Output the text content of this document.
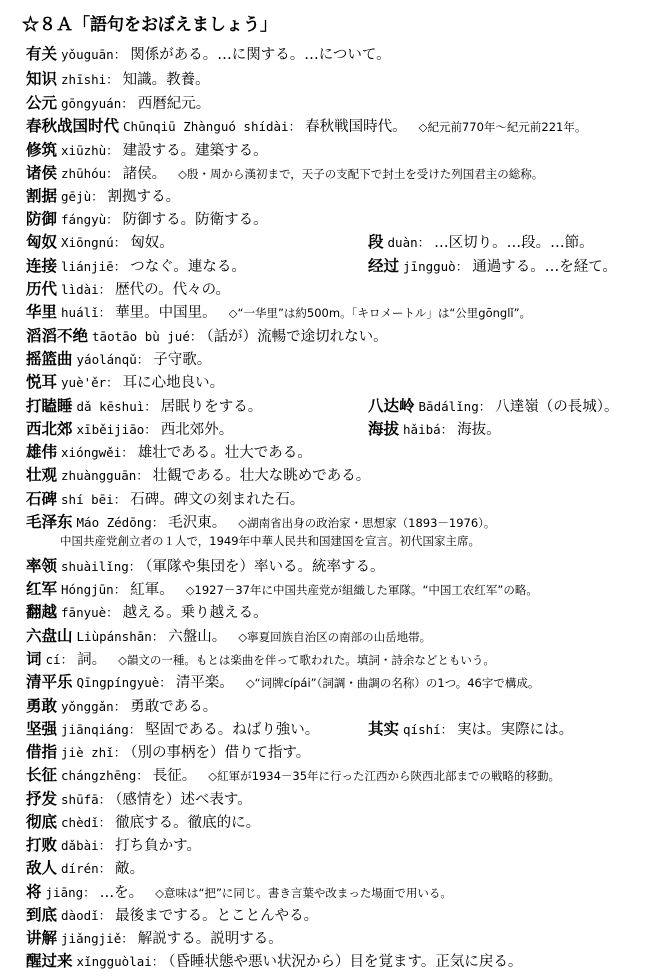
☆８Ａ「語句をおぼえましょう」
有关 yǒuguān： 関係がある。…に関する。…について。
知识 zhīshi： 知識。教養。
公元 gōngyuán： 西暦紀元。
春秋战国时代 Chūnqiū Zhànguó shídài： 春秋戦国時代。 ◇紀元前770年～紀元前221年。
修筑 xiūzhù： 建設する。建築する。
诸侯 zhūhóu： 諸侯。 ◇殷・周から漢初まで，天子の支配下で封土を受けた列国君主の総称。
割据 gējù： 割拠する。
防御 fángyù： 防御する。防衛する。
匈奴 Xiōngnú： 匈奴。
连接 liánjiē： つなぐ。連なる。
历代 lìdài： 歴代の。代々の。
华里 huálǐ： 華里。中国里。 ◇“一华里”は約500m。「キロメートル」は“公里gōnglǐ”。
滔滔不绝 tāotāo bù jué： （話が）流暢で途切れない。
摇篮曲 yáolánqǔ： 子守歌。
悦耳 yuè'ěr： 耳に心地良い。
打瞌睡 dǎ kēshuì： 居眠りをする。
西北郊 xīběijiāo： 西北郊外。
雄伟 xióngwěi： 雄壮である。壮大である。
壮观 zhuàngguān： 壮観である。壮大な眺めである。
石碑 shí bēi： 石碑。碑文の刻まれた石。
毛泽东 Máo Zédōng： 毛沢東。 ◇湖南省出身の政治家・思想家（1893－1976）。
率领 shuàilǐng： （軍隊や集団を）率いる。統率する。
红军 Hóngjūn： 紅軍。 ◇1927－37年に中国共産党が組織した軍隊。“中国工农红军”の略。
翻越 fānyuè： 越える。乗り越える。
六盘山 Liùpánshān： 六盤山。 ◇寧夏回族自治区の南部の山岳地帯。
词 cí： 詞。 ◇韻文の一種。もとは楽曲を伴って歌われた。填詞・詩余などともいう。
清平乐 Qīngpíngyuè： 清平楽。 ◇“词牌cípái”（詞調・曲調の名称）の1つ。46字で構成。
勇敢 yǒnggǎn： 勇敢である。
坚强 jiānqiáng： 堅固である。ねばり強い。
借指 jiè zhǐ： （別の事柄を）借りて指す。
长征 chángzhēng： 長征。 ◇紅軍が1934－35年に行った江西から陝西北部までの戦略的移動。
抒发 shūfā： （感情を）述べ表す。
彻底 chèdǐ： 徹底する。徹底的に。
打败 dǎbài： 打ち負かす。
敌人 dírén： 敵。
将 jiāng： …を。 ◇意味は“把”に同じ。書き言葉や改まった場面で用いる。
到底 dàodǐ： 最後までする。とことんやる。
讲解 jiǎngjiě： 解説する。説明する。
醒过来 xǐngguòlai： （昏睡状態や悪い状況から）目を覚ます。正気に戻る。
段 duàn： …区切り。…段。…節。
经过 jīngguò： 通過する。…を経て。
八达岭 Bādálǐng： 八達嶺（の長城）。
海拔 hǎibá： 海抜。
其实 qíshí： 実は。実際には。
中国共産党創立者の１人で，1949年中華人民共和国建国を宣言。初代国家主席。
